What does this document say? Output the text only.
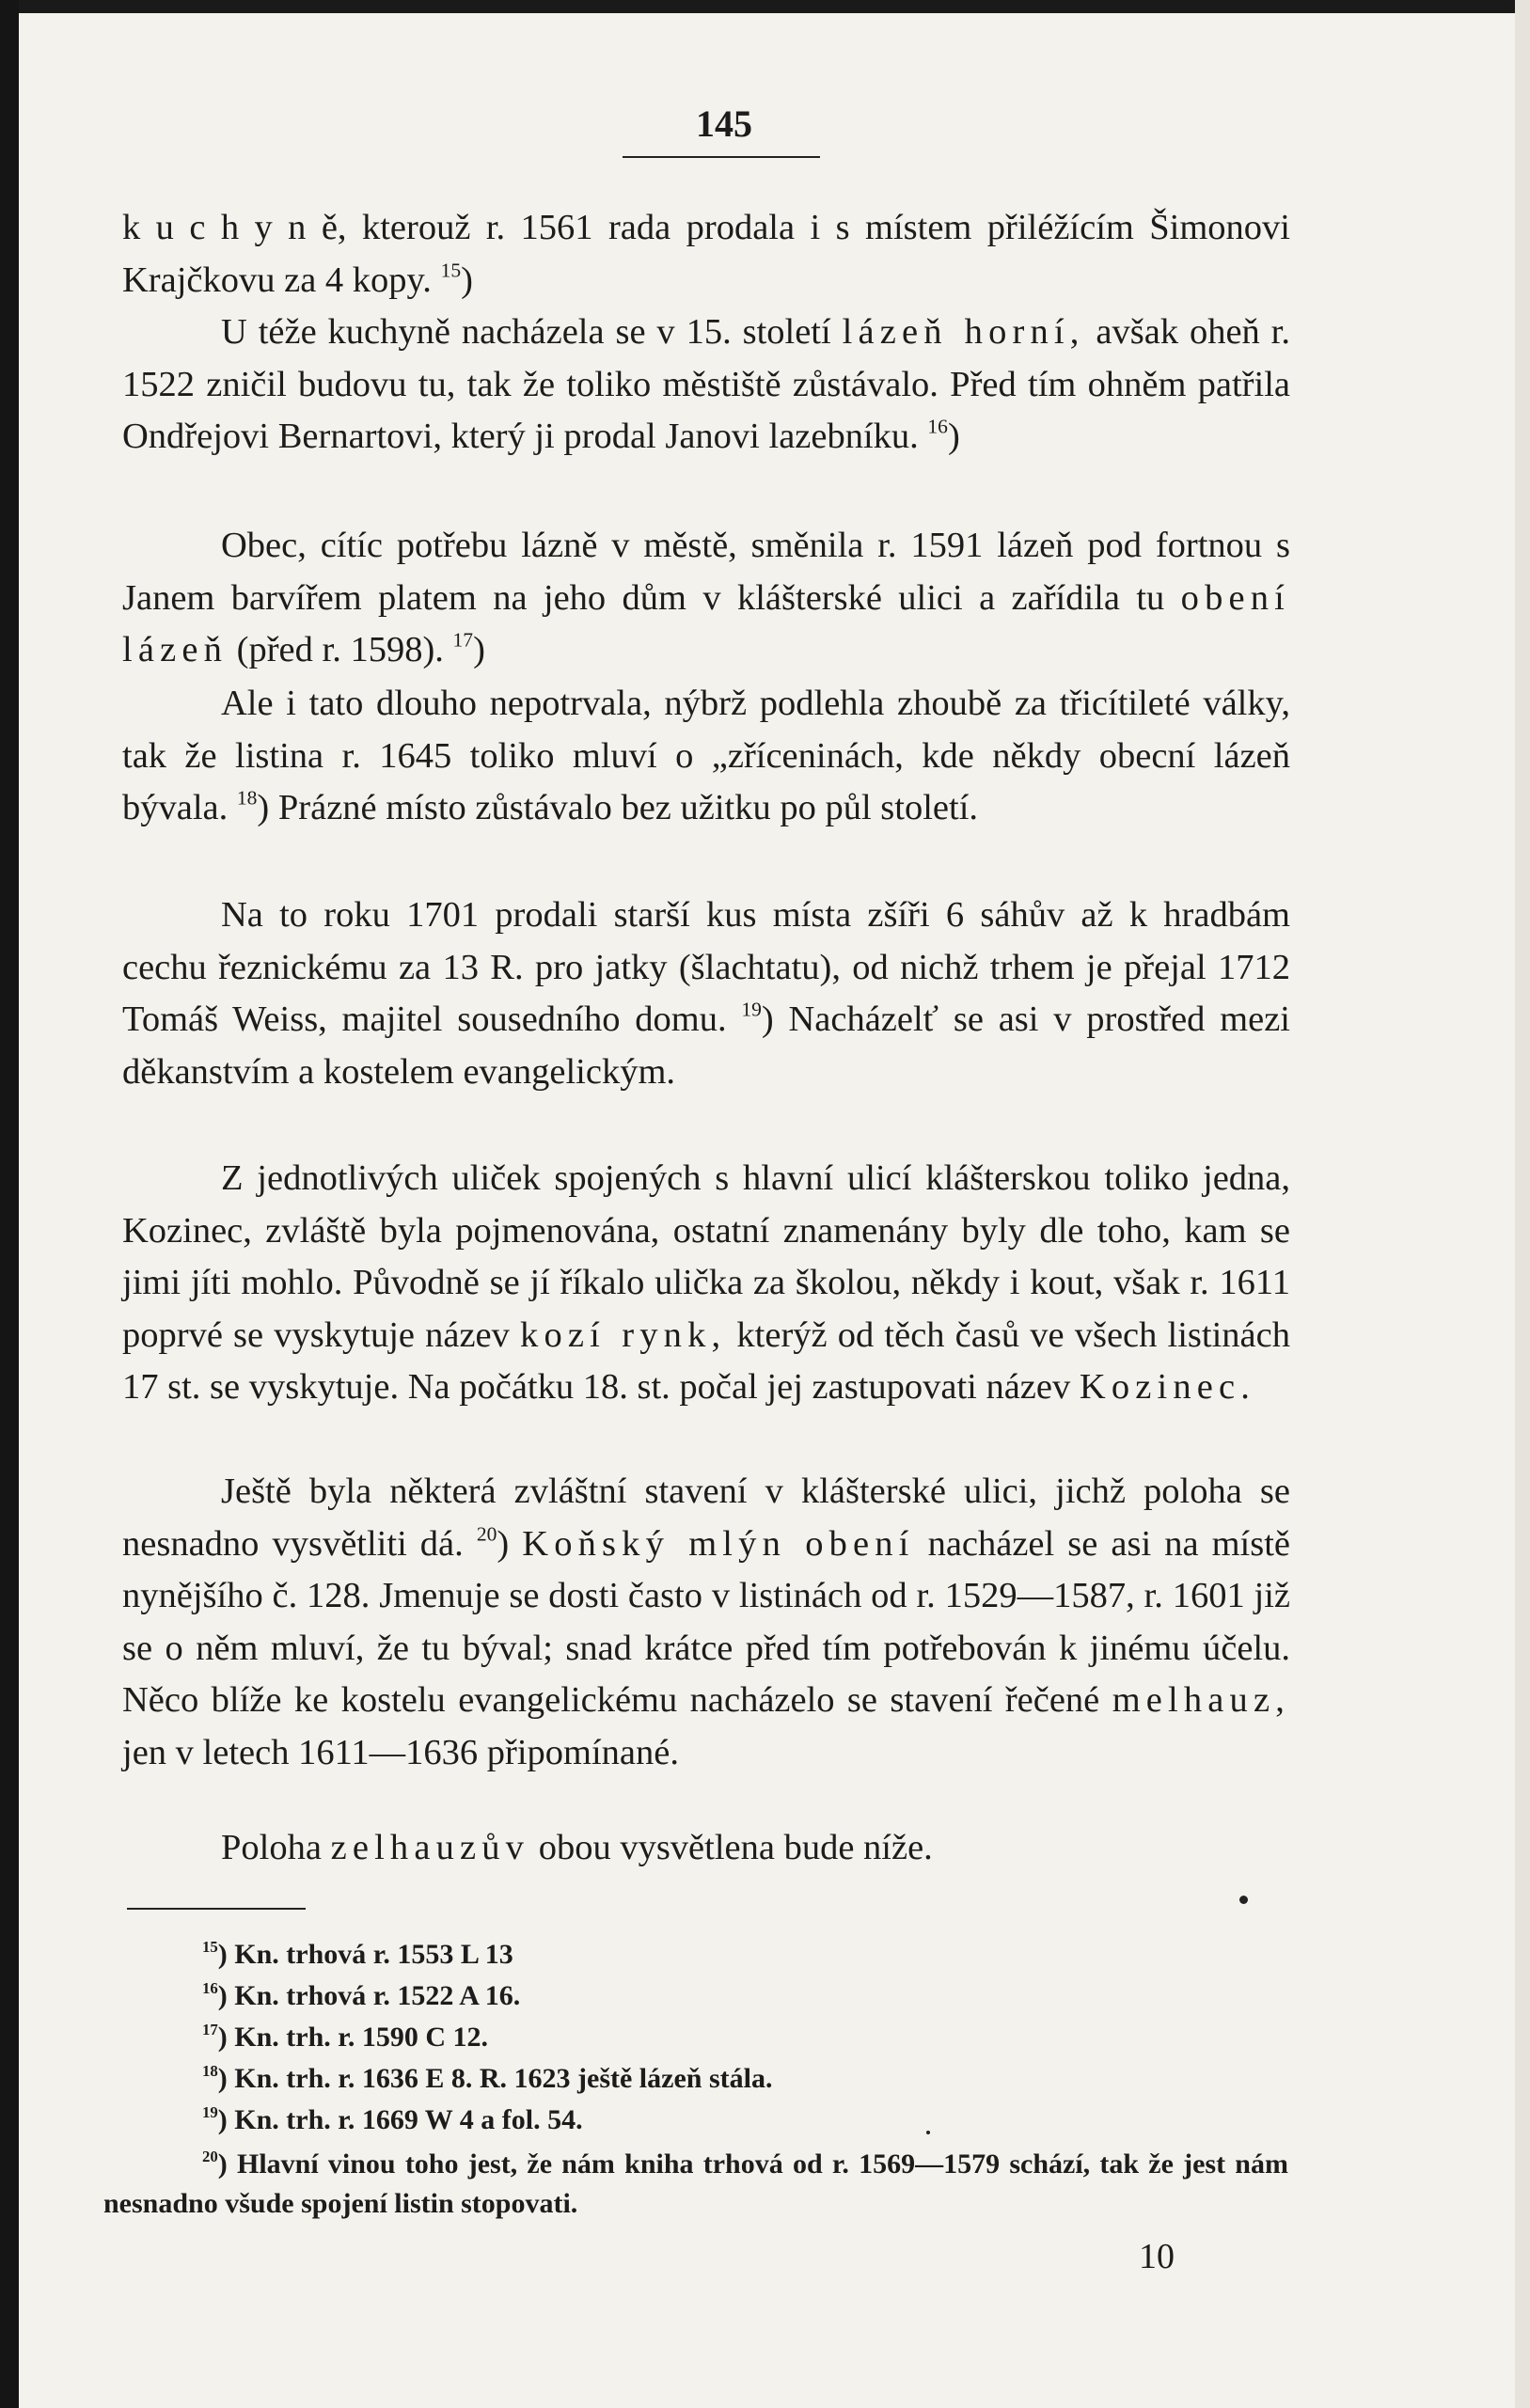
145

k u c h y n ě, kterouž r. 1561 rada prodala i s místem přiléžícím Šimonovi Krajčkovu za 4 kopy. $^{15}$)

U téže kuchyně nacházela se v 15. století lázeň horní, avšak oheň r. 1522 zničil budovu tu, tak že toliko městiště zůstávalo. Před tím ohněm patřila Ondřejovi Bernartovi, který ji prodal Janovi lazebníku. $^{16}$)

Obec, cítíc potřebu lázně v městě, směnila r. 1591 lázeň pod fortnou s Janem barvířem platem na jeho dům v klášterské ulici a zařídila tu obení lázeň (před r. 1598). $^{17}$)

Ale i tato dlouho nepotrvala, nýbrž podlehla zhoubě za třicítileté války, tak že listina r. 1645 toliko mluví o „zříceninách, kde někdy obecní lázeň bývala. $^{18}$) Prázné místo zůstávalo bez užitku po půl století.

Na to roku 1701 prodali starší kus místa zšíři 6 sáhův až k hradbám cechu řeznickému za 13 R. pro jatky (šlachtatu), od nichž trhem je přejal 1712 Tomáš Weiss, majitel sousedního domu. $^{19}$) Nacházelť se asi v prostřed mezi děkanstvím a kostelem evangelickým.

Z jednotlivých uliček spojených s hlavní ulicí klášterskou toliko jedna, Kozinec, zvláště byla pojmenována, ostatní znamenány byly dle toho, kam se jimi jíti mohlo. Původně se jí říkalo ulička za školou, někdy i kout, však r. 1611 poprvé se vyskytuje název kozí rynk, kterýž od těch časů ve všech listinách 17 st. se vyskytuje. Na počátku 18. st. počal jej zastupovati název Kozinec.

Ještě byla některá zvláštní stavení v klášterské ulici, jichž poloha se nesnadno vysvětliti dá. $^{20}$) Koňský mlýn obení nacházel se asi na místě nynějšího č. 128. Jmenuje se dosti často v listinách od r. 1529—1587, r. 1601 již se o něm mluví, že tu býval; snad krátce před tím potřebován k jinému účelu. Něco blíže ke kostelu evangelickému nacházelo se stavení řečené melhauz, jen v letech 1611—1636 připomínané.

Poloha zelhauzův obou vysvětlena bude níže.

$^{15}$) Kn. trhová r. 1553 L 13

$^{16}$) Kn. trhová r. 1522 A 16.

$^{17}$) Kn. trh. r. 1590 C 12.

$^{18}$) Kn. trh. r. 1636 E 8. R. 1623 ještě lázeň stála.

$^{19}$) Kn. trh. r. 1669 W 4 a fol. 54.

$^{20}$) Hlavní vinou toho jest, že nám kniha trhová od r. 1569—1579 schází, tak že jest nám nesnadno všude spojení listin stopovati.

10
